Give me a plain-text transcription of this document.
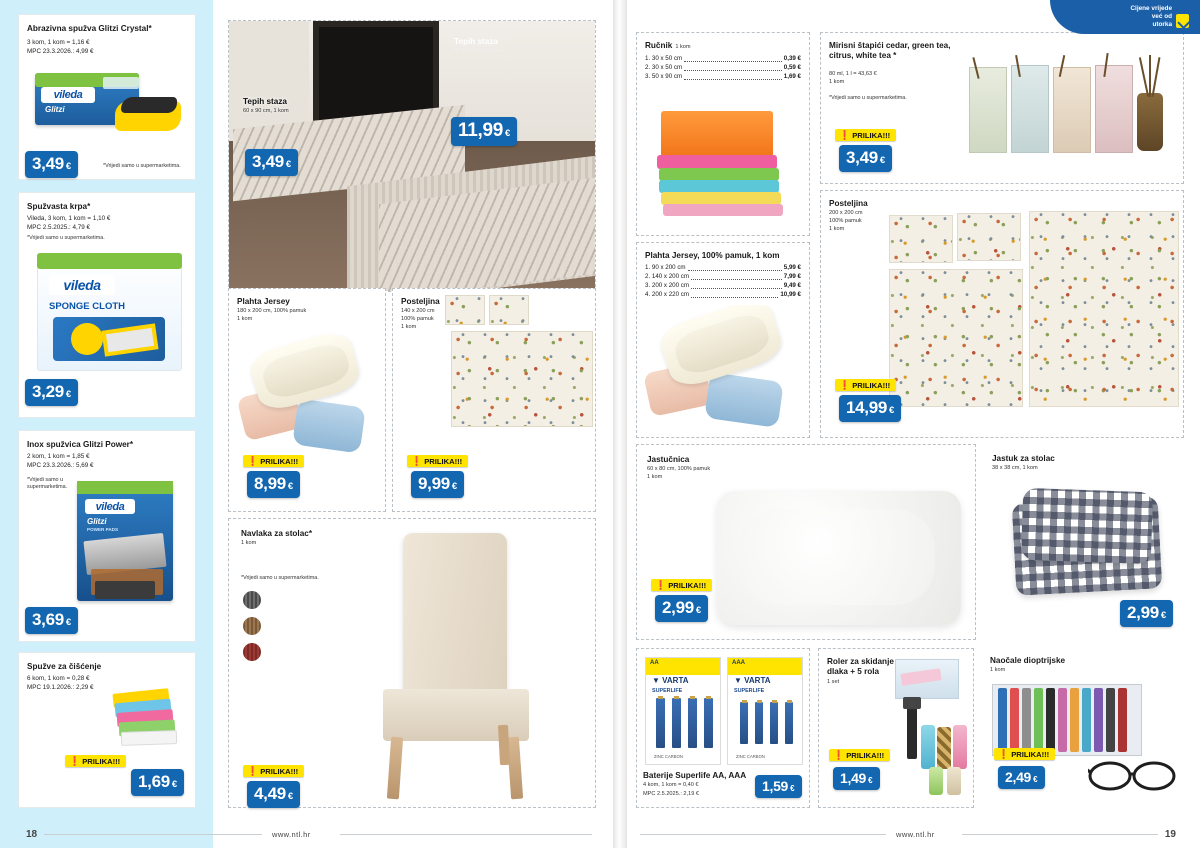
Abrazivna spužva Glitzi Crystal*
3 kom, 1 kom = 1,16 €
MPC 23.3.2026.: 4,99 €
vileda
Glitzi
3,49 €	*Vrijedi samo u supermarketima.
Spužvasta krpa*
Vileda, 3 kom, 1 kom = 1,10 €
MPC 2.5.2025.: 4,79 €
*Vrijedi samo u supermarketima.
vileda
SPONGE CLOTH
3,29 €
Inox spužvica Glitzi Power*
2 kom, 1 kom = 1,85 €
MPC 23.3.2026.: 5,69 €
*Vrijedi samo u supermarketima.
vileda
Glitzi
POWER PADS
3,69 €
Spužve za čišćenje
6 kom, 1 kom = 0,28 €
MPC 19.1.2026.: 2,29 €
❗ PRILIKA!!!
1,69 €
Tepih staza
60 x 90 cm, 1 kom
3,49 €
Tepih staza
80 x 120 cm, 1 kom
11,99 €
Plahta Jersey
180 x 200 cm, 100% pamuk
1 kom
❗ PRILIKA!!!
8,99 €
Posteljina
140 x 200 cm
100% pamuk
1 kom
❗ PRILIKA!!!
9,99 €
Navlaka za stolac*
1 kom
*Vrijedi samo u supermarketima.
❗ PRILIKA!!!
4,49 €
Ručnik 1 kom
1. 30 x 50 cm	0,39 €
2. 30 x 50 cm	0,59 €
3. 50 x 90 cm	1,69 €
Mirisni štapići cedar, green tea, citrus, white tea *
80 ml, 1 l = 43,63 €
1 kom
*Vrijedi samo u supermarketima.
❗ PRILIKA!!!
3,49 €
Plahta Jersey, 100% pamuk, 1 kom
1. 90 x 200 cm	5,99 €
2. 140 x 200 cm	7,99 €
3. 200 x 200 cm	9,49 €
4. 200 x 220 cm	10,99 €
Posteljina
200 x 200 cm
100% pamuk
1 kom
❗ PRILIKA!!!
14,99 €
Jastučnica
60 x 80 cm, 100% pamuk
1 kom
❗ PRILIKA!!!
2,99 €
Jastuk za stolac
38 x 38 cm, 1 kom
2,99 €
AA
▼ VARTA
SUPERLIFE
ZINC CARBON
AAA
▼ VARTA
SUPERLIFE
ZINC CARBON
Baterije Superlife AA, AAA
4 kom, 1 kom = 0,40 €
MPC 2.5.2025.: 2,19 €	1,59 €
Roler za skidanje dlaka + 5 rola
1 set
❗ PRILIKA!!!
1,49 €
Naočale dioptrijske
1 kom
❗ PRILIKA!!!
2,49 €
Cijene vrijede
već od
utorka
18	www.ntl.hr	www.ntl.hr	19
